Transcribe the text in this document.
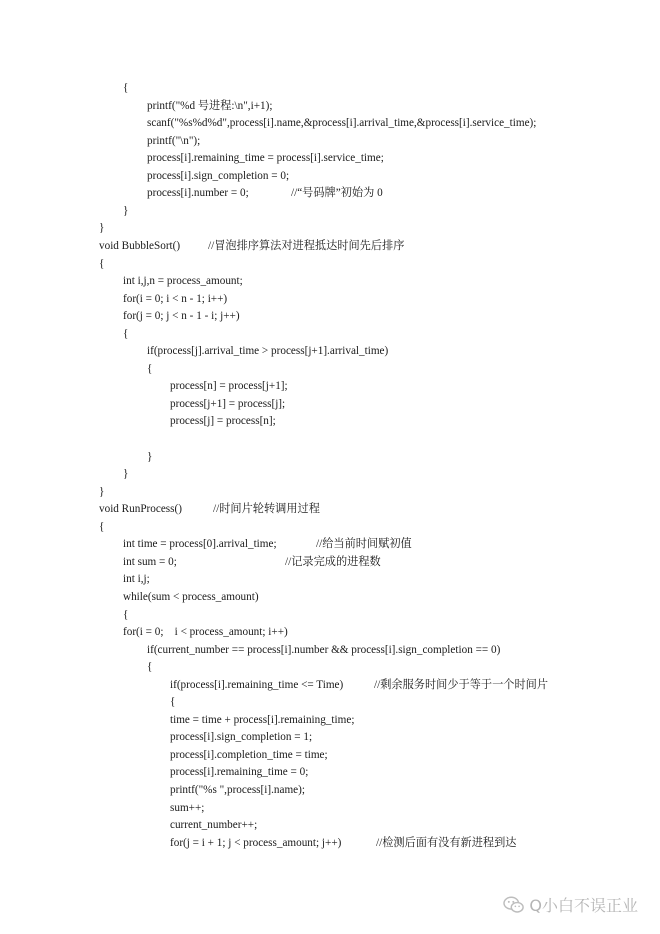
{
printf("%d 号进程:\n",i+1);
scanf("%s%d%d",process[i].name,&process[i].arrival_time,&process[i].service_time);
printf("\n");
process[i].remaining_time = process[i].service_time;
process[i].sign_completion = 0;
process[i].number = 0;	//“号码牌”初始为 0
}
}
void BubbleSort() //冒泡排序算法对进程抵达时间先后排序
{
int i,j,n = process_amount;
for(i = 0; i < n - 1; i++)
for(j = 0; j < n - 1 - i; j++)
{
if(process[j].arrival_time > process[j+1].arrival_time)
{
process[n] = process[j+1];
process[j+1] = process[j];
process[j] = process[n];
}
}
}
void RunProcess()	//时间片轮转调用过程
{
int time = process[0].arrival_time;	//给当前时间赋初值
int sum = 0;	//记录完成的进程数
int i,j;
while(sum < process_amount)
{
for(i = 0;    i < process_amount; i++)
if(current_number == process[i].number && process[i].sign_completion == 0)
{
if(process[i].remaining_time <= Time)	//剩余服务时间少于等于一个时间片
{
time = time + process[i].remaining_time;
process[i].sign_completion = 1;
process[i].completion_time = time;
process[i].remaining_time = 0;
printf("%s ",process[i].name);
sum++;
current_number++;
for(j = i + 1; j < process_amount; j++)	//检测后面有没有新进程到达
Q小白不误正业
